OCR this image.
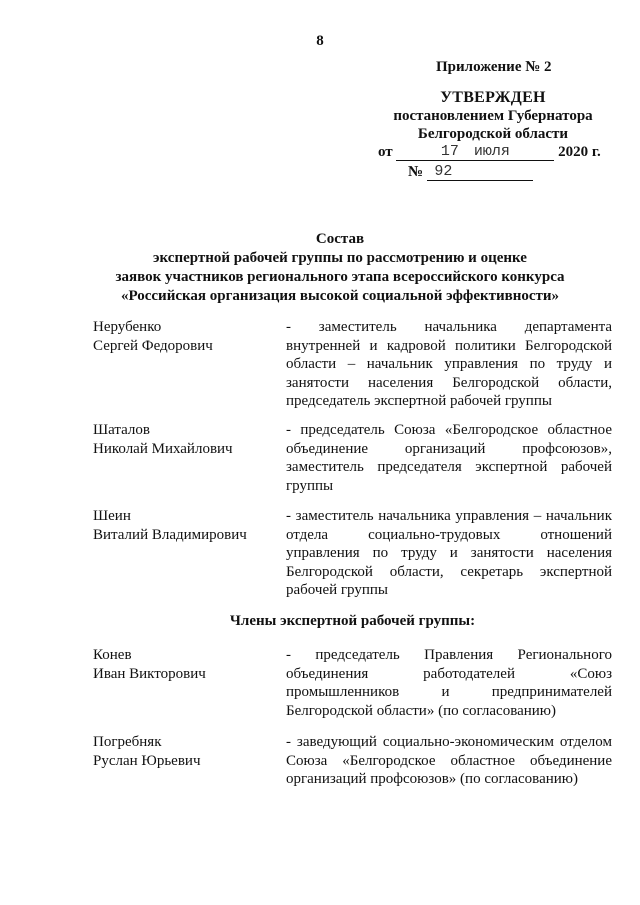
8
Приложение № 2
УТВЕРЖДЕН
постановлением Губернатора
Белгородской области
от	17 июля	2020 г.
№ 92
Состав
экспертной рабочей группы по рассмотрению и оценке
заявок участников регионального этапа всероссийского конкурса
«Российская организация высокой социальной эффективности»
Нерубенко
Сергей Федорович
- заместитель начальника департамента внутренней и кадровой политики Белгородской области – начальник управления по труду и занятости населения Белгородской области, председатель экспертной рабочей группы
Шаталов
Николай Михайлович
- председатель Союза «Белгородское областное объединение организаций профсоюзов», заместитель председателя экспертной рабочей группы
Шеин
Виталий Владимирович
- заместитель начальника управления – начальник отдела социально-трудовых отношений управления по труду и занятости населения Белгородской области, секретарь экспертной рабочей группы
Члены экспертной рабочей группы:
Конев
Иван Викторович
- председатель Правления Регионального объединения работодателей «Союз промышленников и предпринимателей Белгородской области» (по согласованию)
Погребняк
Руслан Юрьевич
- заведующий социально-экономическим отделом Союза «Белгородское областное объединение организаций профсоюзов» (по согласованию)
